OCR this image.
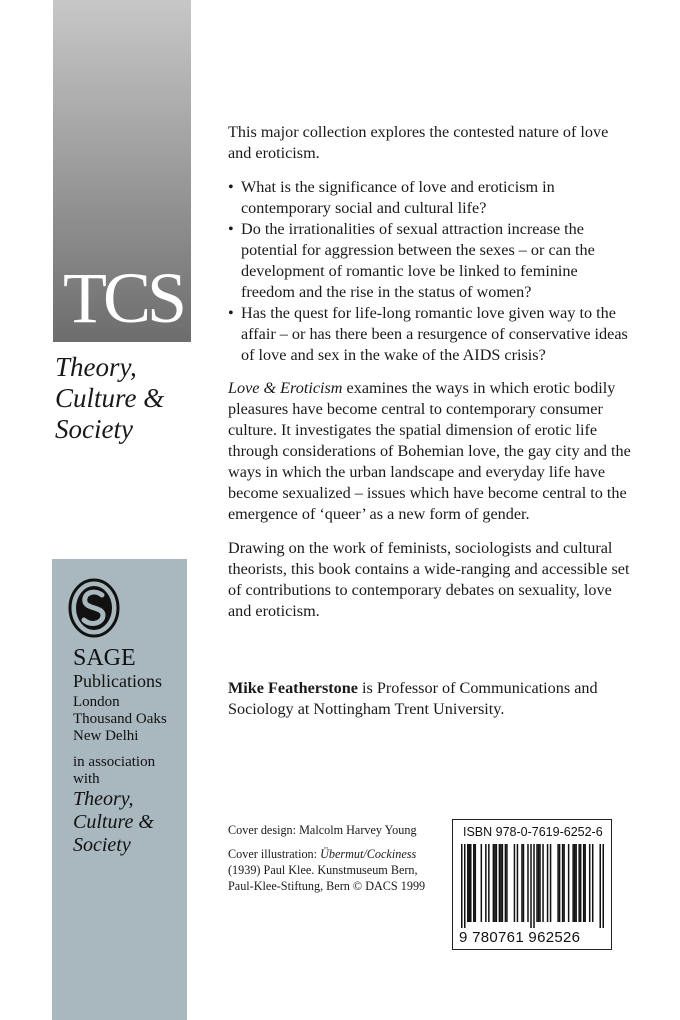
TCS
Theory,
Culture &
Society
SAGE
Publications
London
Thousand Oaks
New Delhi
in association
with
Theory,
Culture &
Society

This major collection explores the contested nature of love and eroticism.

• What is the significance of love and eroticism in contemporary social and cultural life?
• Do the irrationalities of sexual attraction increase the potential for aggression between the sexes – or can the development of romantic love be linked to feminine freedom and the rise in the status of women?
• Has the quest for life-long romantic love given way to the affair – or has there been a resurgence of conservative ideas of love and sex in the wake of the AIDS crisis?

Love & Eroticism examines the ways in which erotic bodily pleasures have become central to contemporary consumer culture. It investigates the spatial dimension of erotic life through considerations of Bohemian love, the gay city and the ways in which the urban landscape and everyday life have become sexualized – issues which have become central to the emergence of ‘queer’ as a new form of gender.

Drawing on the work of feminists, sociologists and cultural theorists, this book contains a wide-ranging and accessible set of contributions to contemporary debates on sexuality, love and eroticism.

Mike Featherstone is Professor of Communications and Sociology at Nottingham Trent University.

Cover design: Malcolm Harvey Young

Cover illustration: Übermut/Cockiness (1939) Paul Klee. Kunstmuseum Bern, Paul-Klee-Stiftung, Bern © DACS 1999

ISBN 978-0-7619-6252-6
9 780761 962526
